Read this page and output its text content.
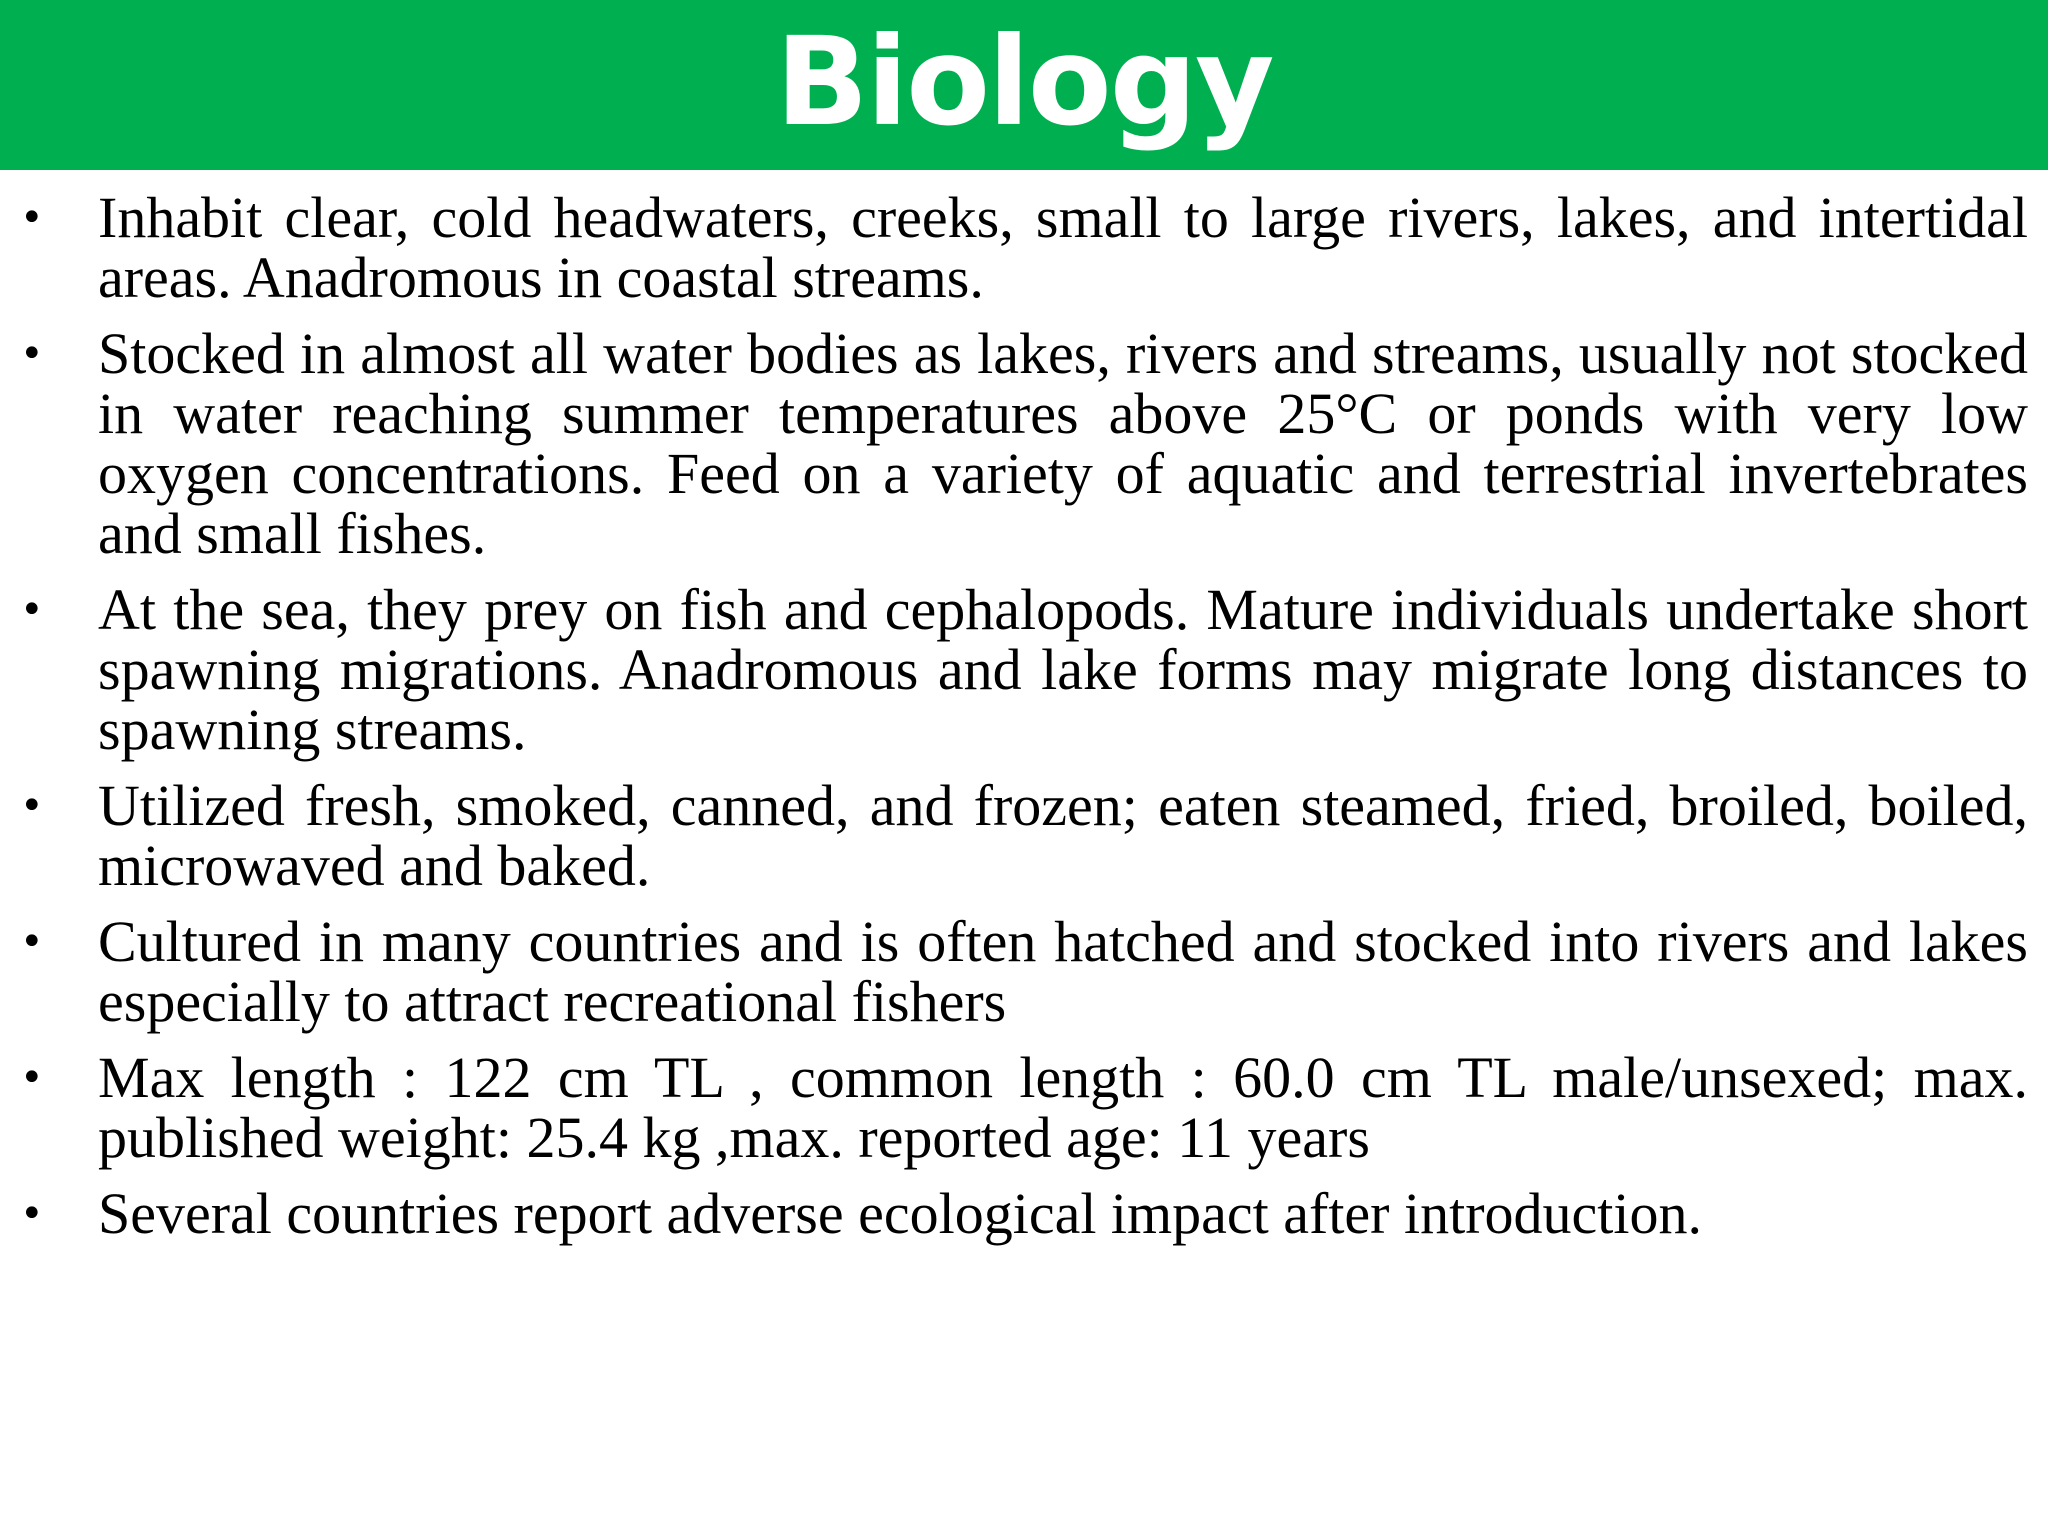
Biology
• Inhabit clear, cold headwaters, creeks, small to large rivers, lakes, and intertidal areas. Anadromous in coastal streams.
• Stocked in almost all water bodies as lakes, rivers and streams, usually not stocked in water reaching summer temperatures above 25°C or ponds with very low oxygen concentrations. Feed on a variety of aquatic and terrestrial invertebrates and small fishes.
• At the sea, they prey on fish and cephalopods. Mature individuals undertake short spawning migrations. Anadromous and lake forms may migrate long distances to spawning streams.
• Utilized fresh, smoked, canned, and frozen; eaten steamed, fried, broiled, boiled, microwaved and baked.
• Cultured in many countries and is often hatched and stocked into rivers and lakes especially to attract recreational fishers
• Max length : 122 cm TL , common length : 60.0 cm TL male/unsexed; max. published weight: 25.4 kg ,max. reported age: 11 years
• Several countries report adverse ecological impact after introduction.
